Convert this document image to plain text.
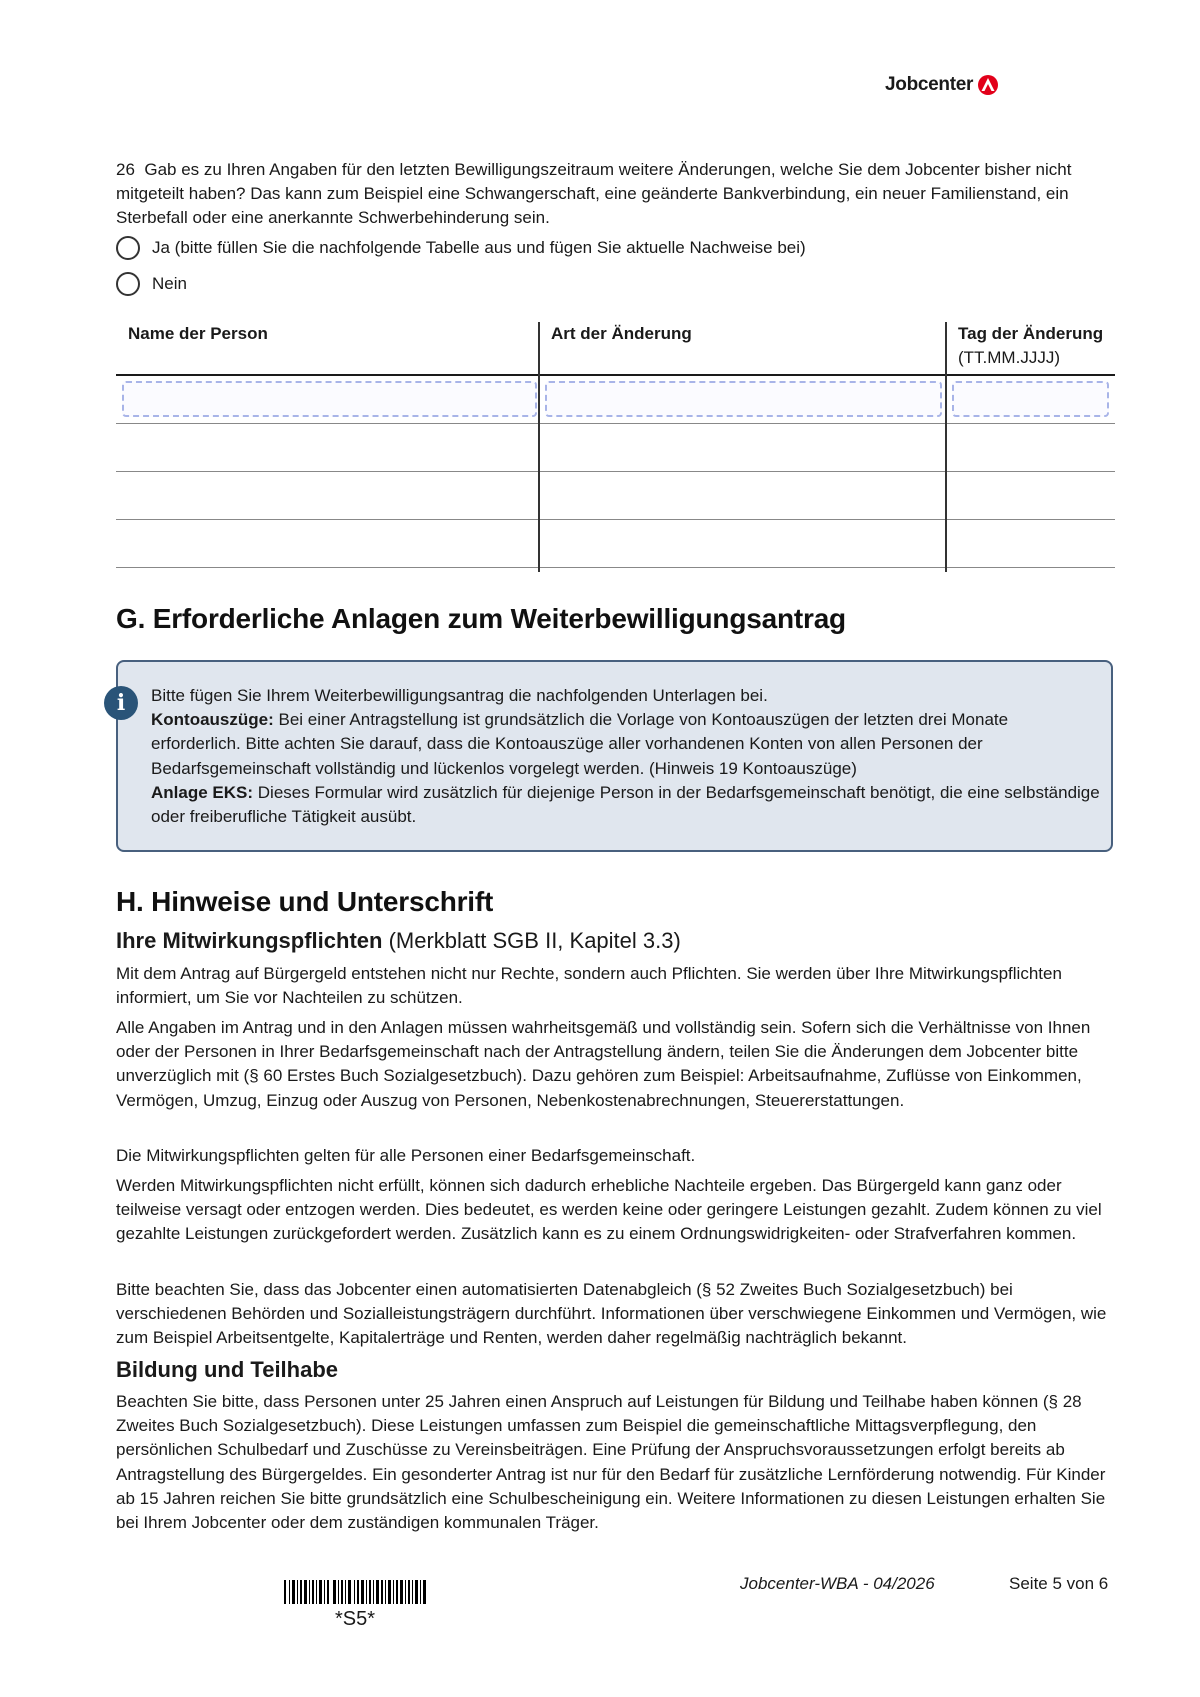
Jobcenter
26 Gab es zu Ihren Angaben für den letzten Bewilligungszeitraum weitere Änderungen, welche Sie dem Jobcenter bisher nicht mitgeteilt haben? Das kann zum Beispiel eine Schwangerschaft, eine geänderte Bankverbindung, ein neuer Familienstand, ein Sterbefall oder eine anerkannte Schwerbehinderung sein.
Ja (bitte füllen Sie die nachfolgende Tabelle aus und fügen Sie aktuelle Nachweise bei)
Nein
Name der Person	Art der Änderung	Tag der Änderung
(TT.MM.JJJJ)
G. Erforderliche Anlagen zum Weiterbewilligungsantrag
i	Bitte fügen Sie Ihrem Weiterbewilligungsantrag die nachfolgenden Unterlagen bei.

Kontoauszüge: Bei einer Antragstellung ist grundsätzlich die Vorlage von Kontoauszügen der letzten drei Monate erforderlich. Bitte achten Sie darauf, dass die Kontoauszüge aller vorhandenen Konten von allen Personen der Bedarfsgemeinschaft vollständig und lückenlos vorgelegt werden. (Hinweis 19 Kontoauszüge)

Anlage EKS: Dieses Formular wird zusätzlich für diejenige Person in der Bedarfsgemeinschaft benötigt, die eine selbständige oder freiberufliche Tätigkeit ausübt.

H. Hinweise und Unterschrift
Ihre Mitwirkungspflichten (Merkblatt SGB II, Kapitel 3.3)

Mit dem Antrag auf Bürgergeld entstehen nicht nur Rechte, sondern auch Pflichten. Sie werden über Ihre Mitwirkungspflichten informiert, um Sie vor Nachteilen zu schützen.

Alle Angaben im Antrag und in den Anlagen müssen wahrheitsgemäß und vollständig sein. Sofern sich die Verhältnisse von Ihnen oder der Personen in Ihrer Bedarfsgemeinschaft nach der Antragstellung ändern, teilen Sie die Änderungen dem Jobcenter bitte unverzüglich mit (§ 60 Erstes Buch Sozialgesetzbuch). Dazu gehören zum Beispiel: Arbeitsaufnahme, Zuflüsse von Einkommen, Vermögen, Umzug, Einzug oder Auszug von Personen, Nebenkostenabrechnungen, Steuererstattungen.

Die Mitwirkungspflichten gelten für alle Personen einer Bedarfsgemeinschaft.

Werden Mitwirkungspflichten nicht erfüllt, können sich dadurch erhebliche Nachteile ergeben. Das Bürgergeld kann ganz oder teilweise versagt oder entzogen werden. Dies bedeutet, es werden keine oder geringere Leistungen gezahlt. Zudem können zu viel gezahlte Leistungen zurückgefordert werden. Zusätzlich kann es zu einem Ordnungswidrigkeiten- oder Strafverfahren kommen.

Bitte beachten Sie, dass das Jobcenter einen automatisierten Datenabgleich (§ 52 Zweites Buch Sozialgesetzbuch) bei verschiedenen Behörden und Sozialleistungsträgern durchführt. Informationen über verschwiegene Einkommen und Vermögen, wie zum Beispiel Arbeitsentgelte, Kapitalerträge und Renten, werden daher regelmäßig nachträglich bekannt.

Bildung und Teilhabe

Beachten Sie bitte, dass Personen unter 25 Jahren einen Anspruch auf Leistungen für Bildung und Teilhabe haben können (§ 28 Zweites Buch Sozialgesetzbuch). Diese Leistungen umfassen zum Beispiel die gemeinschaftliche Mittagsverpflegung, den persönlichen Schulbedarf und Zuschüsse zu Vereinsbeiträgen. Eine Prüfung der Anspruchsvoraussetzungen erfolgt bereits ab Antragstellung des Bürgergeldes. Ein gesonderter Antrag ist nur für den Bedarf für zusätzliche Lernförderung notwendig. Für Kinder ab 15 Jahren reichen Sie bitte grundsätzlich eine Schulbescheinigung ein. Weitere Informationen zu diesen Leistungen erhalten Sie bei Ihrem Jobcenter oder dem zuständigen kommunalen Träger.

*S5*
Jobcenter-WBA - 04/2026	Seite 5 von 6
